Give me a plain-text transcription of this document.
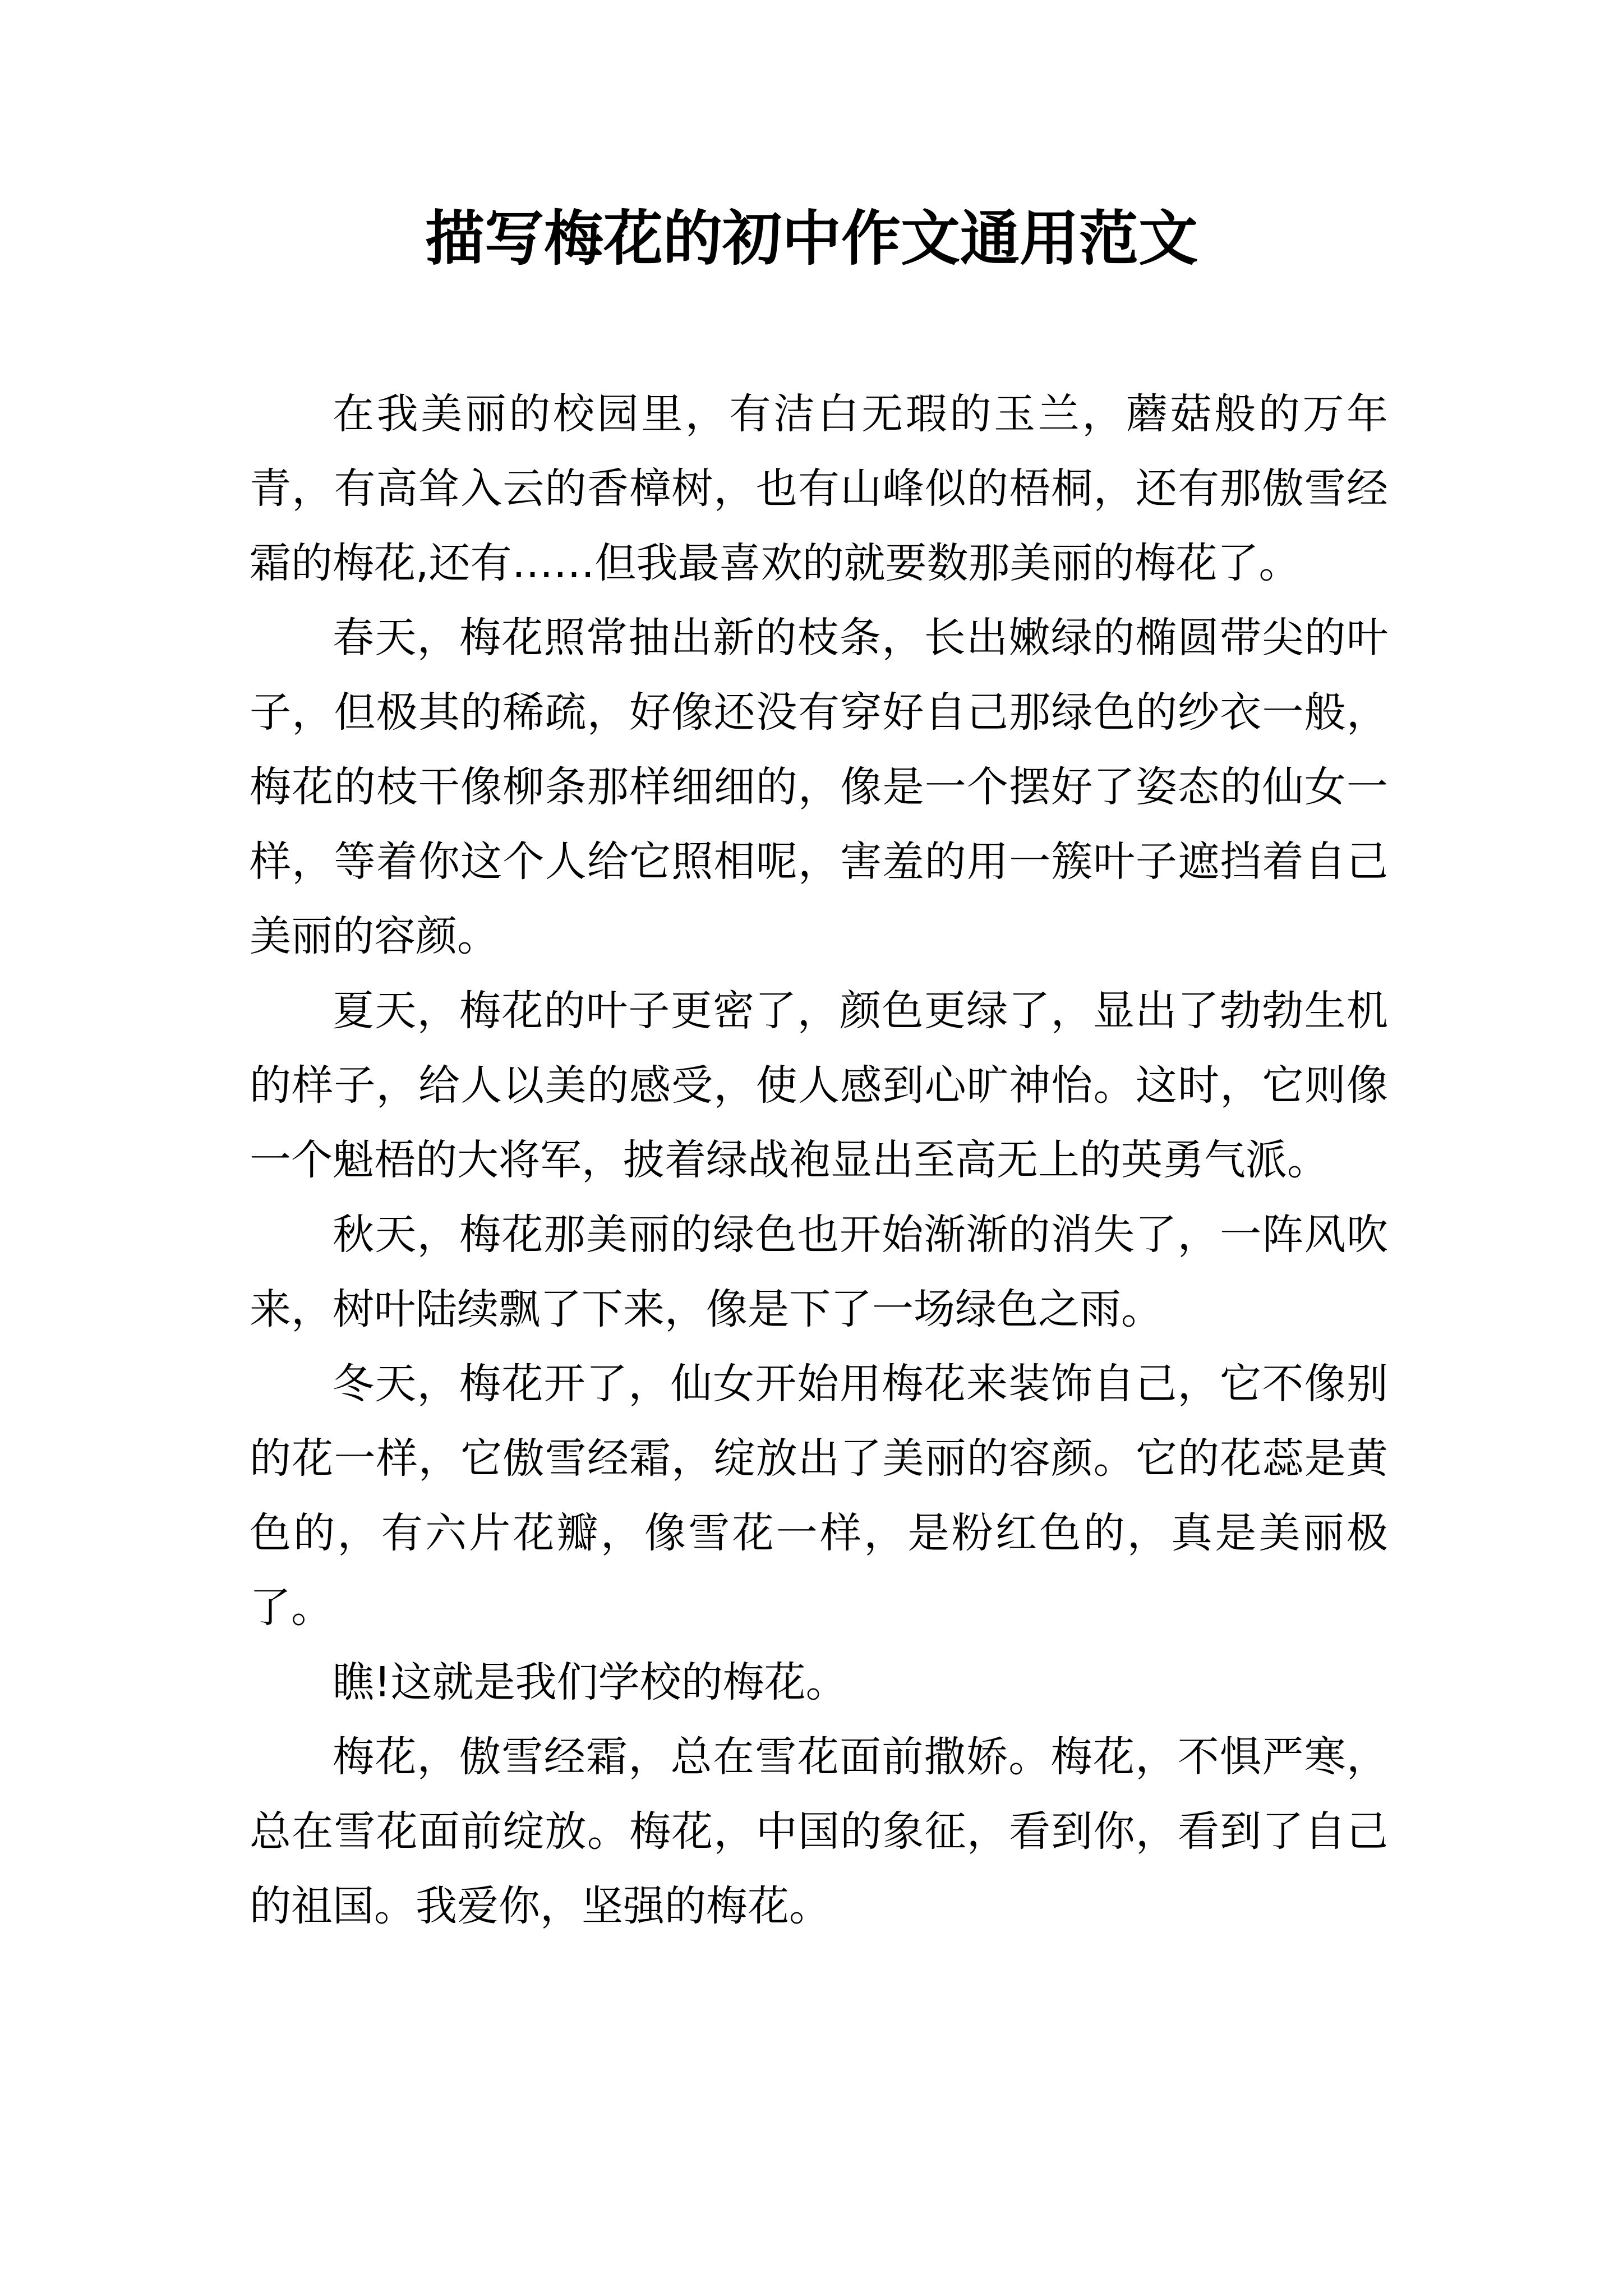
描写梅花的初中作文通用范文

在我美丽的校园里，有洁白无瑕的玉兰，蘑菇般的万年青，有高耸入云的香樟树，也有山峰似的梧桐，还有那傲雪经霜的梅花,还有……但我最喜欢的就要数那美丽的梅花了。

春天，梅花照常抽出新的枝条，长出嫩绿的椭圆带尖的叶子，但极其的稀疏，好像还没有穿好自己那绿色的纱衣一般，梅花的枝干像柳条那样细细的，像是一个摆好了姿态的仙女一样，等着你这个人给它照相呢，害羞的用一簇叶子遮挡着自己美丽的容颜。

夏天，梅花的叶子更密了，颜色更绿了，显出了勃勃生机的样子，给人以美的感受，使人感到心旷神怡。这时，它则像一个魁梧的大将军，披着绿战袍显出至高无上的英勇气派。

秋天，梅花那美丽的绿色也开始渐渐的消失了，一阵风吹来，树叶陆续飘了下来，像是下了一场绿色之雨。

冬天，梅花开了，仙女开始用梅花来装饰自己，它不像别的花一样，它傲雪经霜，绽放出了美丽的容颜。它的花蕊是黄色的，有六片花瓣，像雪花一样，是粉红色的，真是美丽极了。

瞧!这就是我们学校的梅花。

梅花，傲雪经霜，总在雪花面前撒娇。梅花，不惧严寒，总在雪花面前绽放。梅花，中国的象征，看到你，看到了自己的祖国。我爱你，坚强的梅花。
